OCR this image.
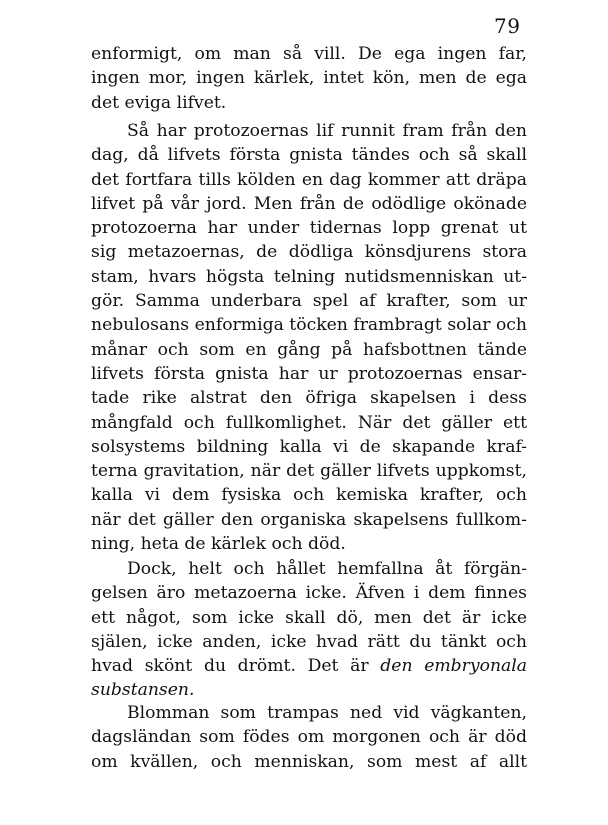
79
enformigt, om man så vill. De ega ingen far,
ingen mor, ingen kärlek, intet kön, men de ega
det eviga lifvet.
Så har protozoernas lif runnit fram från den
dag, då lifvets första gnista tändes och så skall
det fortfara tills kölden en dag kommer att dräpa
lifvet på vår jord. Men från de odödlige okönade
protozoerna har under tidernas lopp grenat ut
sig metazoernas, de dödliga könsdjurens stora
stam, hvars högsta telning nutidsmenniskan ut-
gör. Samma underbara spel af krafter, som ur
nebulosans enformiga töcken frambragt solar och
månar och som en gång på hafsbottnen tände
lifvets första gnista har ur protozoernas ensar-
tade rike alstrat den öfriga skapelsen i dess
mångfald och fullkomlighet. När det gäller ett
solsystems bildning kalla vi de skapande kraf-
terna gravitation, när det gäller lifvets uppkomst,
kalla vi dem fysiska och kemiska krafter, och
när det gäller den organiska skapelsens fullkom-
ning, heta de kärlek och död.
Dock, helt och hållet hemfallna åt förgän-
gelsen äro metazoerna icke. Äfven i dem finnes
ett något, som icke skall dö, men det är icke
själen, icke anden, icke hvad rätt du tänkt och
hvad skönt du drömt. Det är den embryonala
substansen.
Blomman som trampas ned vid vägkanten,
dagsländan som födes om morgonen och är död
om kvällen, och menniskan, som mest af allt
